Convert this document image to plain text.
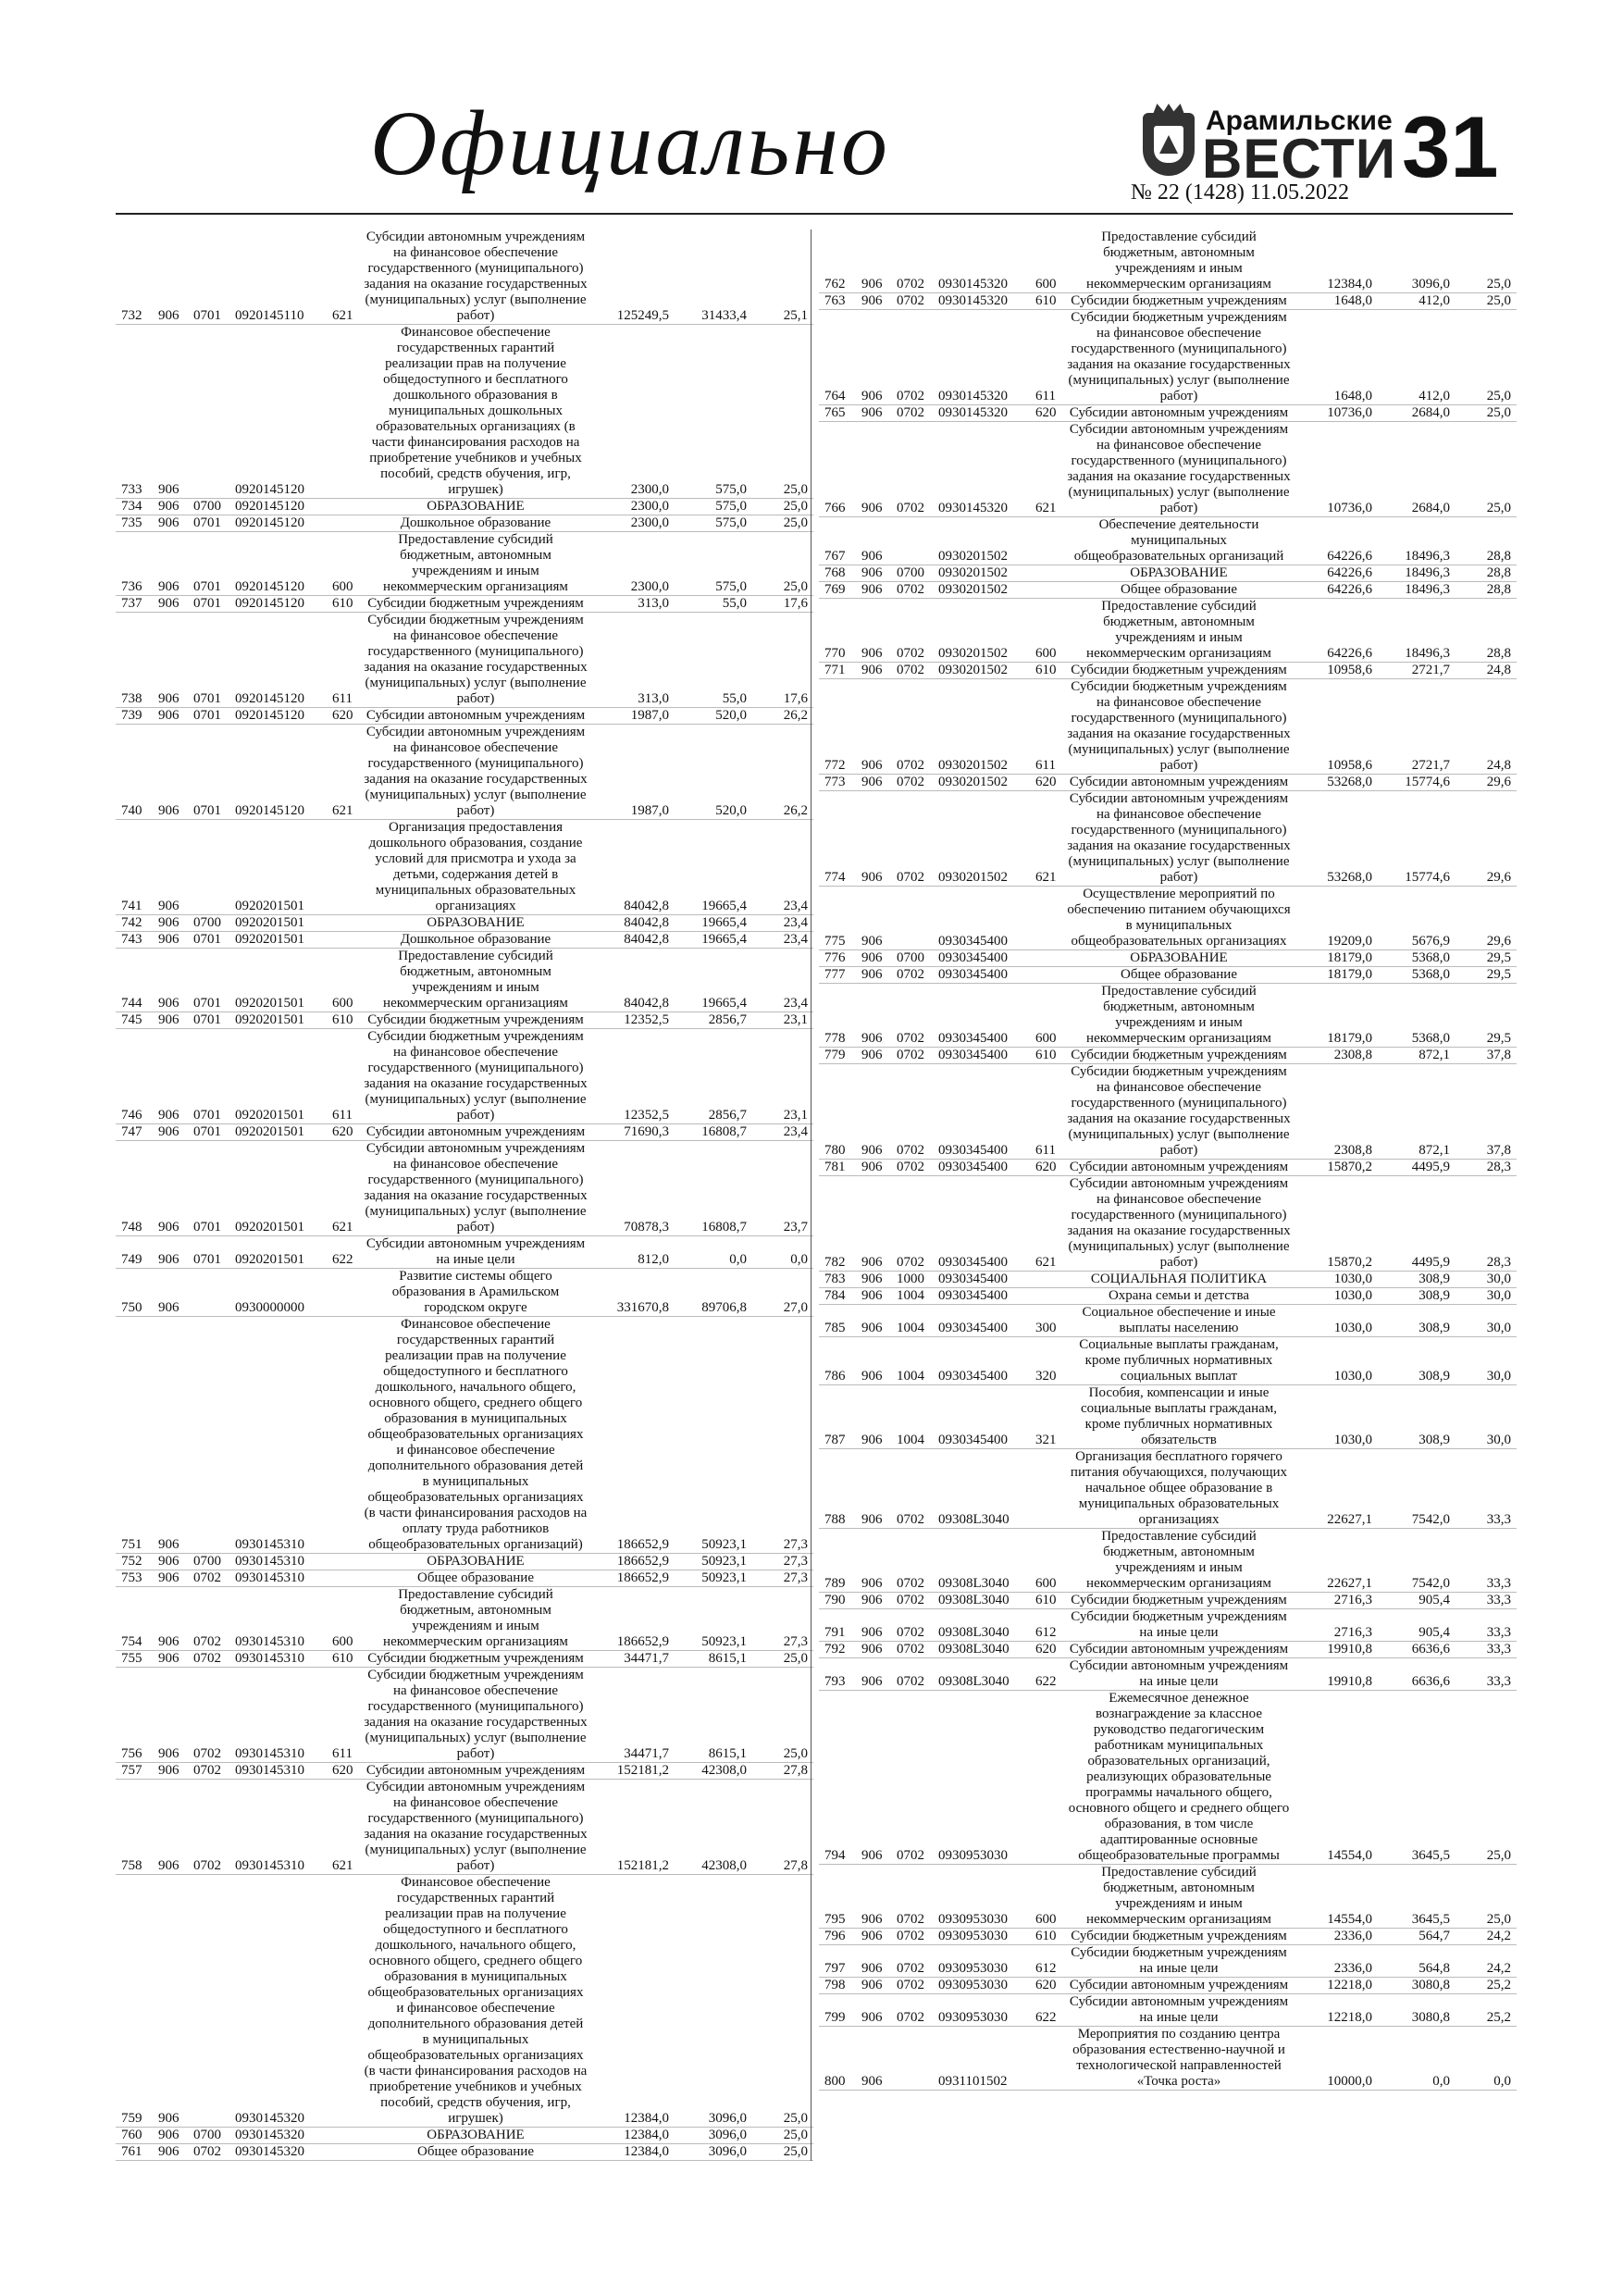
Официально	Арамильские
ВЕСТИ
№ 22 (1428) 11.05.2022 31
732	906	0701	0920145110	621	Субсидии автономным учреждениям на финансовое обеспечение государственного (муниципального) задания на оказание государственных (муниципальных) услуг (выполнение работ)	125249,5	31433,4	25,1
733	906		0920145120		Финансовое обеспечение государственных гарантий реализации прав на получение общедоступного и бесплатного дошкольного образования в муниципальных дошкольных образовательных организациях (в части финансирования расходов на приобретение учебников и учебных пособий, средств обучения, игр, игрушек)	2300,0	575,0	25,0
734	906	0700	0920145120		ОБРАЗОВАНИЕ	2300,0	575,0	25,0
735	906	0701	0920145120		Дошкольное образование	2300,0	575,0	25,0
736	906	0701	0920145120	600	Предоставление субсидий бюджетным, автономным учреждениям и иным некоммерческим организациям	2300,0	575,0	25,0
737	906	0701	0920145120	610	Субсидии бюджетным учреждениям	313,0	55,0	17,6
738	906	0701	0920145120	611	Субсидии бюджетным учреждениям на финансовое обеспечение государственного (муниципального) задания на оказание государственных (муниципальных) услуг (выполнение работ)	313,0	55,0	17,6
739	906	0701	0920145120	620	Субсидии автономным учреждениям	1987,0	520,0	26,2
740	906	0701	0920145120	621	Субсидии автономным учреждениям на финансовое обеспечение государственного (муниципального) задания на оказание государственных (муниципальных) услуг (выполнение работ)	1987,0	520,0	26,2
741	906		0920201501		Организация предоставления дошкольного образования, создание условий для присмотра и ухода за детьми, содержания детей в муниципальных образовательных организациях	84042,8	19665,4	23,4
742	906	0700	0920201501		ОБРАЗОВАНИЕ	84042,8	19665,4	23,4
743	906	0701	0920201501		Дошкольное образование	84042,8	19665,4	23,4
744	906	0701	0920201501	600	Предоставление субсидий бюджетным, автономным учреждениям и иным некоммерческим организациям	84042,8	19665,4	23,4
745	906	0701	0920201501	610	Субсидии бюджетным учреждениям	12352,5	2856,7	23,1
746	906	0701	0920201501	611	Субсидии бюджетным учреждениям на финансовое обеспечение государственного (муниципального) задания на оказание государственных (муниципальных) услуг (выполнение работ)	12352,5	2856,7	23,1
747	906	0701	0920201501	620	Субсидии автономным учреждениям	71690,3	16808,7	23,4
748	906	0701	0920201501	621	Субсидии автономным учреждениям на финансовое обеспечение государственного (муниципального) задания на оказание государственных (муниципальных) услуг (выполнение работ)	70878,3	16808,7	23,7
749	906	0701	0920201501	622	Субсидии автономным учреждениям на иные цели	812,0	0,0	0,0
750	906		0930000000		Развитие системы общего образования в Арамильском городском округе	331670,8	89706,8	27,0
751	906		0930145310		Финансовое обеспечение государственных гарантий реализации прав на получение общедоступного и бесплатного дошкольного, начального общего, основного общего, среднего общего образования в муниципальных общеобразовательных организациях и финансовое обеспечение дополнительного образования детей в муниципальных общеобразовательных организациях (в части финансирования расходов на оплату труда работников общеобразовательных организаций)	186652,9	50923,1	27,3
752	906	0700	0930145310		ОБРАЗОВАНИЕ	186652,9	50923,1	27,3
753	906	0702	0930145310		Общее образование	186652,9	50923,1	27,3
754	906	0702	0930145310	600	Предоставление субсидий бюджетным, автономным учреждениям и иным некоммерческим организациям	186652,9	50923,1	27,3
755	906	0702	0930145310	610	Субсидии бюджетным учреждениям	34471,7	8615,1	25,0
756	906	0702	0930145310	611	Субсидии бюджетным учреждениям на финансовое обеспечение государственного (муниципального) задания на оказание государственных (муниципальных) услуг (выполнение работ)	34471,7	8615,1	25,0
757	906	0702	0930145310	620	Субсидии автономным учреждениям	152181,2	42308,0	27,8
758	906	0702	0930145310	621	Субсидии автономным учреждениям на финансовое обеспечение государственного (муниципального) задания на оказание государственных (муниципальных) услуг (выполнение работ)	152181,2	42308,0	27,8
759	906		0930145320		Финансовое обеспечение государственных гарантий реализации прав на получение общедоступного и бесплатного дошкольного, начального общего, основного общего, среднего общего образования в муниципальных общеобразовательных организациях и финансовое обеспечение дополнительного образования детей в муниципальных общеобразовательных организациях (в части финансирования расходов на приобретение учебников и учебных пособий, средств обучения, игр, игрушек)	12384,0	3096,0	25,0
760	906	0700	0930145320		ОБРАЗОВАНИЕ	12384,0	3096,0	25,0
761	906	0702	0930145320		Общее образование	12384,0	3096,0	25,0
762	906	0702	0930145320	600	Предоставление субсидий бюджетным, автономным учреждениям и иным некоммерческим организациям	12384,0	3096,0	25,0
763	906	0702	0930145320	610	Субсидии бюджетным учреждениям	1648,0	412,0	25,0
764	906	0702	0930145320	611	Субсидии бюджетным учреждениям на финансовое обеспечение государственного (муниципального) задания на оказание государственных (муниципальных) услуг (выполнение работ)	1648,0	412,0	25,0
765	906	0702	0930145320	620	Субсидии автономным учреждениям	10736,0	2684,0	25,0
766	906	0702	0930145320	621	Субсидии автономным учреждениям на финансовое обеспечение государственного (муниципального) задания на оказание государственных (муниципальных) услуг (выполнение работ)	10736,0	2684,0	25,0
767	906		0930201502		Обеспечение деятельности муниципальных общеобразовательных организаций	64226,6	18496,3	28,8
768	906	0700	0930201502		ОБРАЗОВАНИЕ	64226,6	18496,3	28,8
769	906	0702	0930201502		Общее образование	64226,6	18496,3	28,8
770	906	0702	0930201502	600	Предоставление субсидий бюджетным, автономным учреждениям и иным некоммерческим организациям	64226,6	18496,3	28,8
771	906	0702	0930201502	610	Субсидии бюджетным учреждениям	10958,6	2721,7	24,8
772	906	0702	0930201502	611	Субсидии бюджетным учреждениям на финансовое обеспечение государственного (муниципального) задания на оказание государственных (муниципальных) услуг (выполнение работ)	10958,6	2721,7	24,8
773	906	0702	0930201502	620	Субсидии автономным учреждениям	53268,0	15774,6	29,6
774	906	0702	0930201502	621	Субсидии автономным учреждениям на финансовое обеспечение государственного (муниципального) задания на оказание государственных (муниципальных) услуг (выполнение работ)	53268,0	15774,6	29,6
775	906		0930345400		Осуществление мероприятий по обеспечению питанием обучающихся в муниципальных общеобразовательных организациях	19209,0	5676,9	29,6
776	906	0700	0930345400		ОБРАЗОВАНИЕ	18179,0	5368,0	29,5
777	906	0702	0930345400		Общее образование	18179,0	5368,0	29,5
778	906	0702	0930345400	600	Предоставление субсидий бюджетным, автономным учреждениям и иным некоммерческим организациям	18179,0	5368,0	29,5
779	906	0702	0930345400	610	Субсидии бюджетным учреждениям	2308,8	872,1	37,8
780	906	0702	0930345400	611	Субсидии бюджетным учреждениям на финансовое обеспечение государственного (муниципального) задания на оказание государственных (муниципальных) услуг (выполнение работ)	2308,8	872,1	37,8
781	906	0702	0930345400	620	Субсидии автономным учреждениям	15870,2	4495,9	28,3
782	906	0702	0930345400	621	Субсидии автономным учреждениям на финансовое обеспечение государственного (муниципального) задания на оказание государственных (муниципальных) услуг (выполнение работ)	15870,2	4495,9	28,3
783	906	1000	0930345400		СОЦИАЛЬНАЯ ПОЛИТИКА	1030,0	308,9	30,0
784	906	1004	0930345400		Охрана семьи и детства	1030,0	308,9	30,0
785	906	1004	0930345400	300	Социальное обеспечение и иные выплаты населению	1030,0	308,9	30,0
786	906	1004	0930345400	320	Социальные выплаты гражданам, кроме публичных нормативных социальных выплат	1030,0	308,9	30,0
787	906	1004	0930345400	321	Пособия, компенсации и иные социальные выплаты гражданам, кроме публичных нормативных обязательств	1030,0	308,9	30,0
788	906	0702	09308L3040		Организация бесплатного горячего питания обучающихся, получающих начальное общее образование в муниципальных образовательных организациях	22627,1	7542,0	33,3
789	906	0702	09308L3040	600	Предоставление субсидий бюджетным, автономным учреждениям и иным некоммерческим организациям	22627,1	7542,0	33,3
790	906	0702	09308L3040	610	Субсидии бюджетным учреждениям	2716,3	905,4	33,3
791	906	0702	09308L3040	612	Субсидии бюджетным учреждениям на иные цели	2716,3	905,4	33,3
792	906	0702	09308L3040	620	Субсидии автономным учреждениям	19910,8	6636,6	33,3
793	906	0702	09308L3040	622	Субсидии автономным учреждениям на иные цели	19910,8	6636,6	33,3
794	906	0702	0930953030		Ежемесячное денежное вознаграждение за классное руководство педагогическим работникам муниципальных образовательных организаций, реализующих образовательные программы начального общего, основного общего и среднего общего образования, в том числе адаптированные основные общеобразовательные программы	14554,0	3645,5	25,0
795	906	0702	0930953030	600	Предоставление субсидий бюджетным, автономным учреждениям и иным некоммерческим организациям	14554,0	3645,5	25,0
796	906	0702	0930953030	610	Субсидии бюджетным учреждениям	2336,0	564,7	24,2
797	906	0702	0930953030	612	Субсидии бюджетным учреждениям на иные цели	2336,0	564,8	24,2
798	906	0702	0930953030	620	Субсидии автономным учреждениям	12218,0	3080,8	25,2
799	906	0702	0930953030	622	Субсидии автономным учреждениям на иные цели	12218,0	3080,8	25,2
800	906		0931101502		Мероприятия по созданию центра образования естественно-научной и технологической направленностей «Точка роста»	10000,0	0,0	0,0
